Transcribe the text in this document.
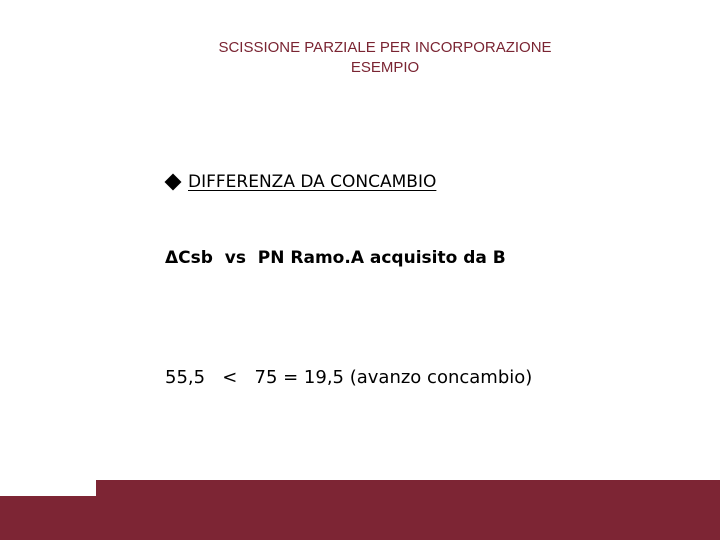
SCISSIONE PARZIALE PER INCORPORAZIONE
ESEMPIO
DIFFERENZA DA CONCAMBIO
ΔCsb  vs  PN Ramo.A acquisito da B
55,5   <   75 = 19,5 (avanzo concambio)
